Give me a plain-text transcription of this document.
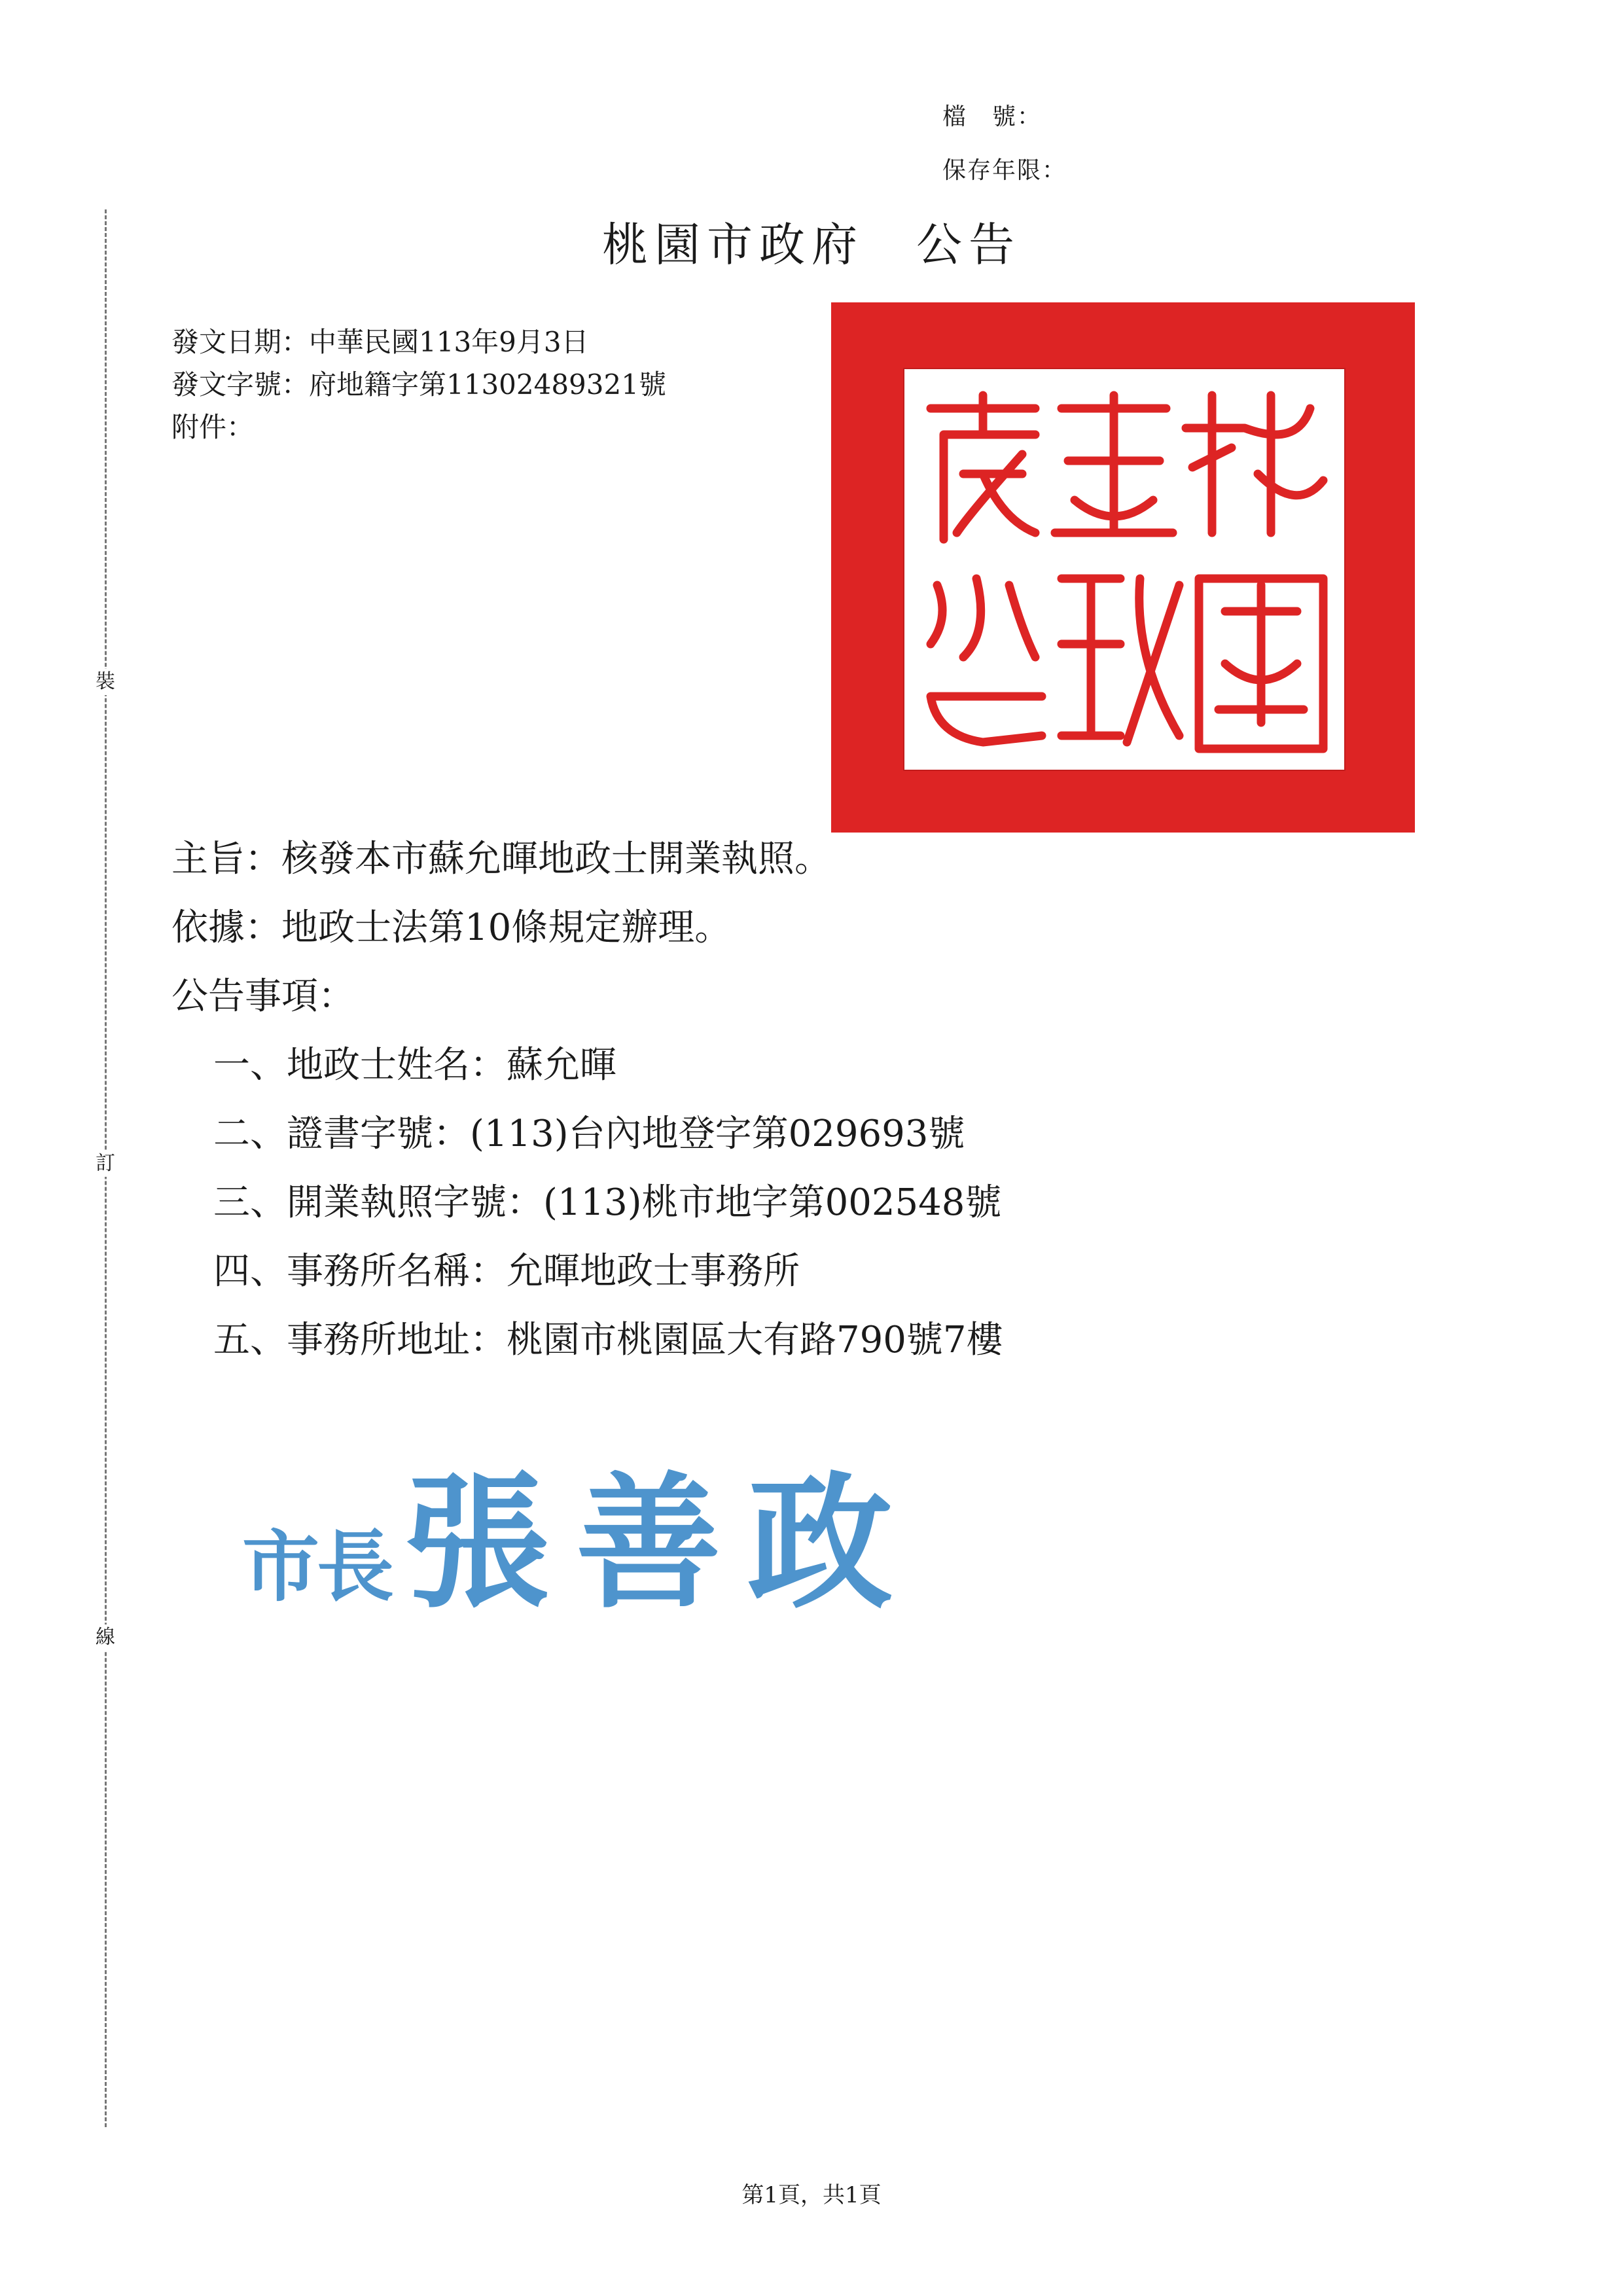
檔　號：
保存年限：
桃園市政府　公告
發文日期：中華民國113年9月3日
發文字號：府地籍字第11302489321號
附件：
裝
訂
線
主旨：核發本市蘇允暉地政士開業執照。
依據：地政士法第10條規定辦理。
公告事項：
一、地政士姓名：蘇允暉
二、證書字號：(113)台內地登字第029693號
三、開業執照字號：(113)桃市地字第002548號
四、事務所名稱：允暉地政士事務所
五、事務所地址：桃園市桃園區大有路790號7樓
市長張善政
第1頁，共1頁
